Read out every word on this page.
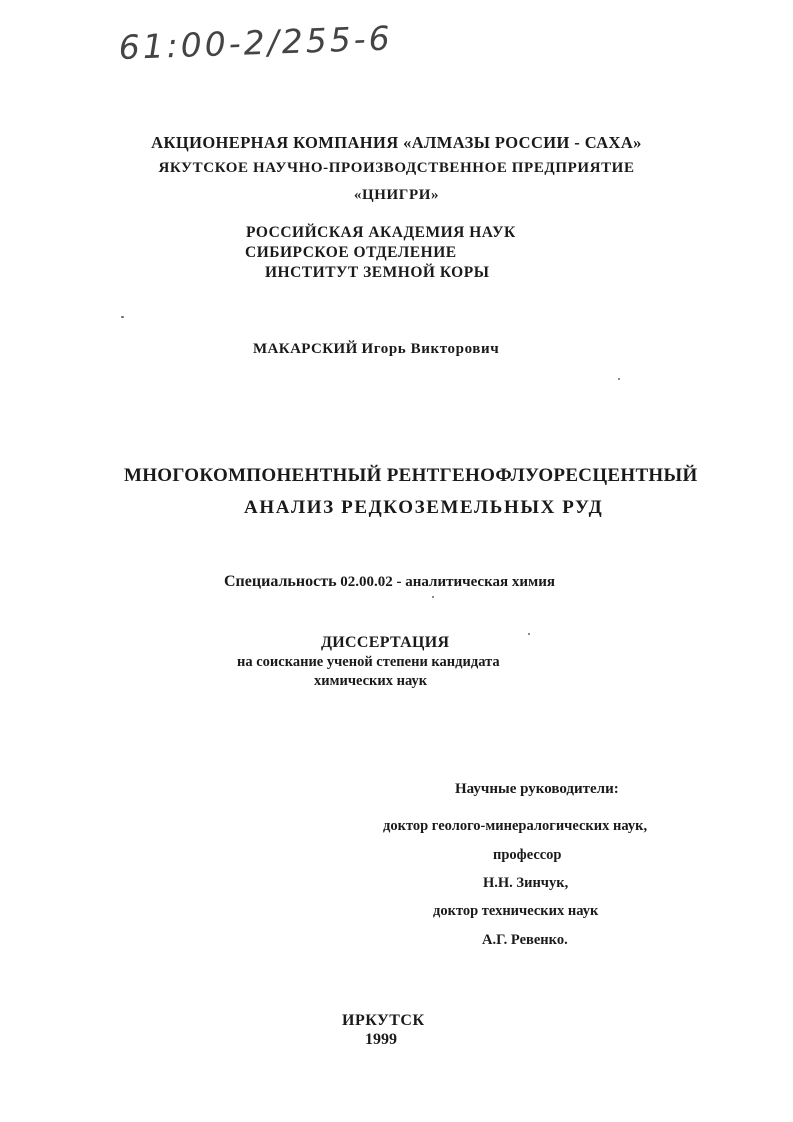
61:00-2/255-6
АКЦИОНЕРНАЯ КОМПАНИЯ «АЛМАЗЫ РОССИИ - САХА»
ЯКУТСКОЕ НАУЧНО-ПРОИЗВОДСТВЕННОЕ ПРЕДПРИЯТИЕ
«ЦНИГРИ»
РОССИЙСКАЯ АКАДЕМИЯ НАУК
СИБИРСКОЕ ОТДЕЛЕНИЕ
ИНСТИТУТ ЗЕМНОЙ КОРЫ
МАКАРСКИЙ Игорь Викторович
МНОГОКОМПОНЕНТНЫЙ РЕНТГЕНОФЛУОРЕСЦЕНТНЫЙ
АНАЛИЗ РЕДКОЗЕМЕЛЬНЫХ РУД
Специальность 02.00.02 - аналитическая химия
ДИССЕРТАЦИЯ
на соискание ученой степени кандидата
химических наук
Научные руководители:
доктор геолого-минералогических наук,
профессор
Н.Н. Зинчук,
доктор технических наук
А.Г. Ревенко.
ИРКУТСК
1999
